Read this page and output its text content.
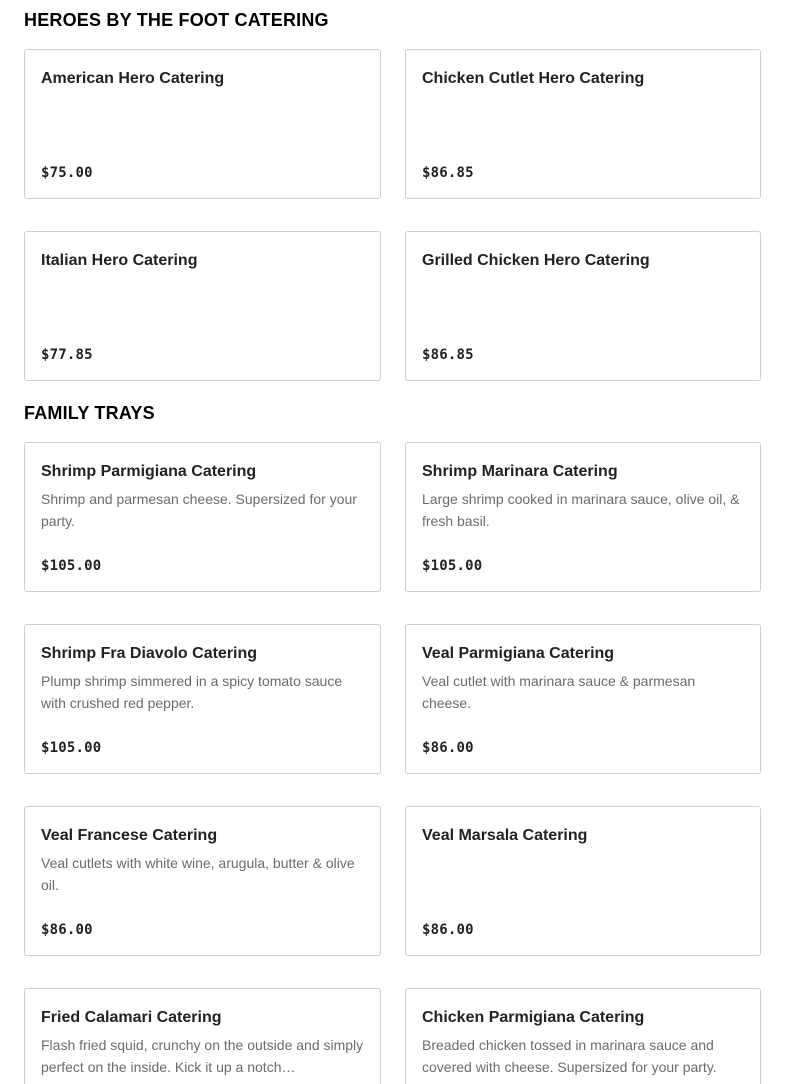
HEROES BY THE FOOT CATERING
American Hero Catering
$75.00
Chicken Cutlet Hero Catering
$86.85
Italian Hero Catering
$77.85
Grilled Chicken Hero Catering
$86.85
FAMILY TRAYS
Shrimp Parmigiana Catering

Shrimp and parmesan cheese. Supersized for your party.

$105.00
Shrimp Marinara Catering

Large shrimp cooked in marinara sauce, olive oil, & fresh basil.

$105.00
Shrimp Fra Diavolo Catering

Plump shrimp simmered in a spicy tomato sauce with crushed red pepper.

$105.00
Veal Parmigiana Catering

Veal cutlet with marinara sauce & parmesan cheese.

$86.00
Veal Francese Catering

Veal cutlets with white wine, arugula, butter & olive oil.

$86.00
Veal Marsala Catering
$86.00
Fried Calamari Catering

Flash fried squid, crunchy on the outside and simply perfect on the inside. Kick it up a notch…

Chicken Parmigiana Catering

Breaded chicken tossed in marinara sauce and covered with cheese. Supersized for your party.
